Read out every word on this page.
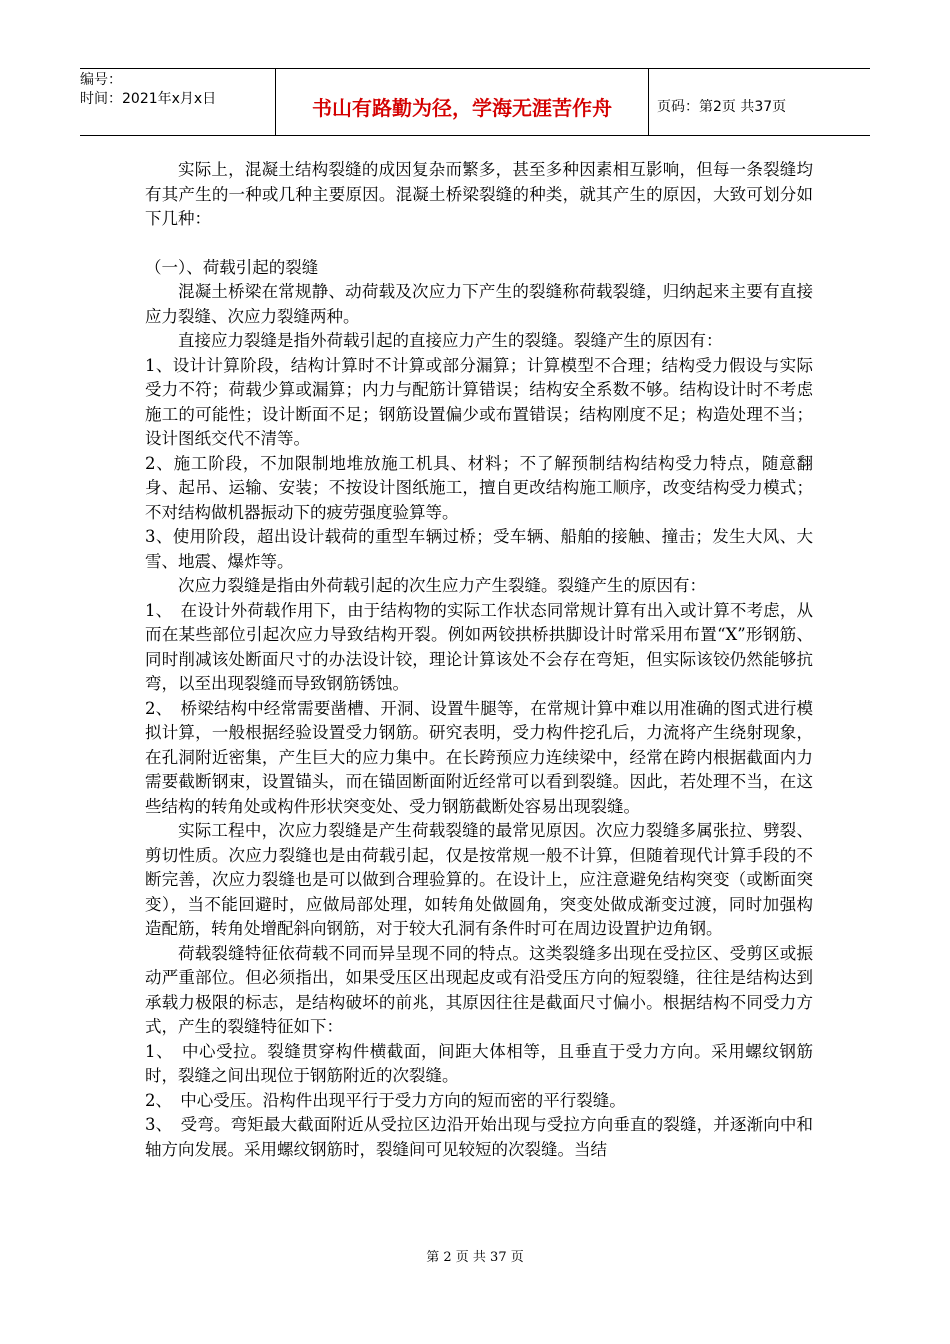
编号：
时间：2021年x月x日	书山有路勤为径，学海无涯苦作舟	页码：第2页 共37页

实际上，混凝土结构裂缝的成因复杂而繁多，甚至多种因素相互影响，但每一条裂缝均有其产生的一种或几种主要原因。混凝土桥梁裂缝的种类，就其产生的原因，大致可划分如下几种：

（一）、荷载引起的裂缝

混凝土桥梁在常规静、动荷载及次应力下产生的裂缝称荷载裂缝，归纳起来主要有直接应力裂缝、次应力裂缝两种。

直接应力裂缝是指外荷载引起的直接应力产生的裂缝。裂缝产生的原因有：

1、设计计算阶段，结构计算时不计算或部分漏算；计算模型不合理；结构受力假设与实际受力不符；荷载少算或漏算；内力与配筋计算错误；结构安全系数不够。结构设计时不考虑施工的可能性；设计断面不足；钢筋设置偏少或布置错误；结构刚度不足；构造处理不当；设计图纸交代不清等。

2、施工阶段，不加限制地堆放施工机具、材料；不了解预制结构结构受力特点，随意翻身、起吊、运输、安装；不按设计图纸施工，擅自更改结构施工顺序，改变结构受力模式；不对结构做机器振动下的疲劳强度验算等。

3、使用阶段，超出设计载荷的重型车辆过桥；受车辆、船舶的接触、撞击；发生大风、大雪、地震、爆炸等。

次应力裂缝是指由外荷载引起的次生应力产生裂缝。裂缝产生的原因有：

1、　在设计外荷载作用下，由于结构物的实际工作状态同常规计算有出入或计算不考虑，从而在某些部位引起次应力导致结构开裂。例如两铰拱桥拱脚设计时常采用布置“X”形钢筋、同时削减该处断面尺寸的办法设计铰，理论计算该处不会存在弯矩，但实际该铰仍然能够抗弯，以至出现裂缝而导致钢筋锈蚀。

2、　桥梁结构中经常需要凿槽、开洞、设置牛腿等，在常规计算中难以用准确的图式进行模拟计算，一般根据经验设置受力钢筋。研究表明，受力构件挖孔后，力流将产生绕射现象，在孔洞附近密集，产生巨大的应力集中。在长跨预应力连续梁中，经常在跨内根据截面内力需要截断钢束，设置锚头，而在锚固断面附近经常可以看到裂缝。因此，若处理不当，在这些结构的转角处或构件形状突变处、受力钢筋截断处容易出现裂缝。

实际工程中，次应力裂缝是产生荷载裂缝的最常见原因。次应力裂缝多属张拉、劈裂、剪切性质。次应力裂缝也是由荷载引起，仅是按常规一般不计算，但随着现代计算手段的不断完善，次应力裂缝也是可以做到合理验算的。在设计上，应注意避免结构突变（或断面突变），当不能回避时，应做局部处理，如转角处做圆角，突变处做成渐变过渡，同时加强构造配筋，转角处增配斜向钢筋，对于较大孔洞有条件时可在周边设置护边角钢。

荷载裂缝特征依荷载不同而异呈现不同的特点。这类裂缝多出现在受拉区、受剪区或振动严重部位。但必须指出，如果受压区出现起皮或有沿受压方向的短裂缝，往往是结构达到承载力极限的标志，是结构破坏的前兆，其原因往往是截面尺寸偏小。根据结构不同受力方式，产生的裂缝特征如下：

1、　中心受拉。裂缝贯穿构件横截面，间距大体相等，且垂直于受力方向。采用螺纹钢筋时，裂缝之间出现位于钢筋附近的次裂缝。

2、　中心受压。沿构件出现平行于受力方向的短而密的平行裂缝。

3、　受弯。弯矩最大截面附近从受拉区边沿开始出现与受拉方向垂直的裂缝，并逐渐向中和轴方向发展。采用螺纹钢筋时，裂缝间可见较短的次裂缝。当结

第 2 页 共 37 页
